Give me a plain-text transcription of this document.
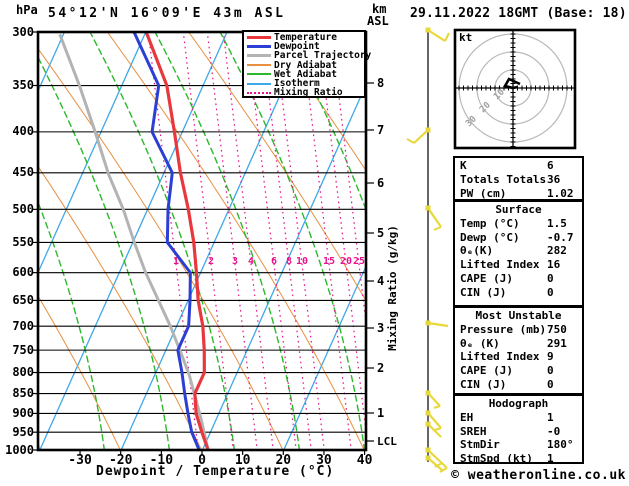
10
20
30
hPa 54°12'N 16°09'E 43m ASL	km
ASL 29.11.2022 18GMT (Base: 18)
Temperature
Dewpoint
Parcel Trajectory
Dry Adiabat
Wet Adiabat
Isotherm
Mixing Ratio
kt
Mixing Ratio (g/kg)
LCL
Dewpoint / Temperature (°C)	© weatheronline.co.uk
300
350
400
450
500
550
600
650
700
750
800
850
900
950
1000
-30	-20	-10	0	10	20	30	40
8
7
6
5
4
3
2
1
1	2	3 4	6 8 10	15 20 25
K	6
Totals Totals 36
PW (cm)	1.02
Surface
Temp (°C)	1.5
Dewp (°C)	-0.7
θₑ(K)	282
Lifted Index 16
CAPE (J)	0
CIN (J)	0
Most Unstable
Pressure (mb) 750
θₑ (K)	291
Lifted Index 9
CAPE (J)	0
CIN (J)	0
Hodograph
EH	1
SREH	-0
StmDir	180°
StmSpd (kt)	1
